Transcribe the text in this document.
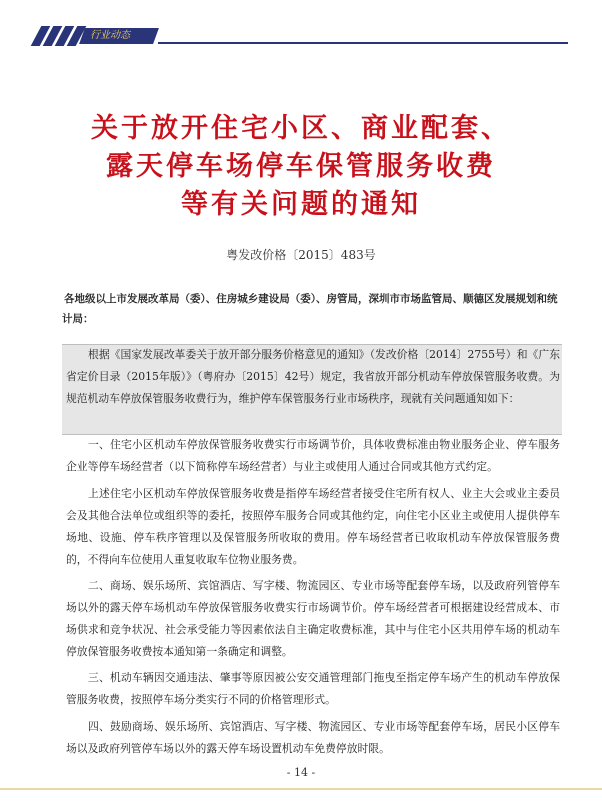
行业动态
关于放开住宅小区、商业配套、
露天停车场停车保管服务收费
等有关问题的通知
粤发改价格〔2015〕483号
各地级以上市发展改革局（委）、住房城乡建设局（委）、房管局，深圳市市场监管局、顺德区发展规划和统计局：
根据《国家发展改革委关于放开部分服务价格意见的通知》（发改价格〔2014〕2755号）和《广东省定价目录（2015年版）》（粤府办〔2015〕42号）规定，我省放开部分机动车停放保管服务收费。为规范机动车停放保管服务收费行为，维护停车保管服务行业市场秩序，现就有关问题通知如下：
一、住宅小区机动车停放保管服务收费实行市场调节价，具体收费标准由物业服务企业、停车服务企业等停车场经营者（以下简称停车场经营者）与业主或使用人通过合同或其他方式约定。
上述住宅小区机动车停放保管服务收费是指停车场经营者接受住宅所有权人、业主大会或业主委员会及其他合法单位或组织等的委托，按照停车服务合同或其他约定，向住宅小区业主或使用人提供停车场地、设施、停车秩序管理以及保管服务所收取的费用。停车场经营者已收取机动车停放保管服务费的，不得向车位使用人重复收取车位物业服务费。
二、商场、娱乐场所、宾馆酒店、写字楼、物流园区、专业市场等配套停车场，以及政府列管停车场以外的露天停车场机动车停放保管服务收费实行市场调节价。停车场经营者可根据建设经营成本、市场供求和竞争状况、社会承受能力等因素依法自主确定收费标准，其中与住宅小区共用停车场的机动车停放保管服务收费按本通知第一条确定和调整。
三、机动车辆因交通违法、肇事等原因被公安交通管理部门拖曳至指定停车场产生的机动车停放保管服务收费，按照停车场分类实行不同的价格管理形式。
四、鼓励商场、娱乐场所、宾馆酒店、写字楼、物流园区、专业市场等配套停车场，居民小区停车场以及政府列管停车场以外的露天停车场设置机动车免费停放时限。
- 14 -
